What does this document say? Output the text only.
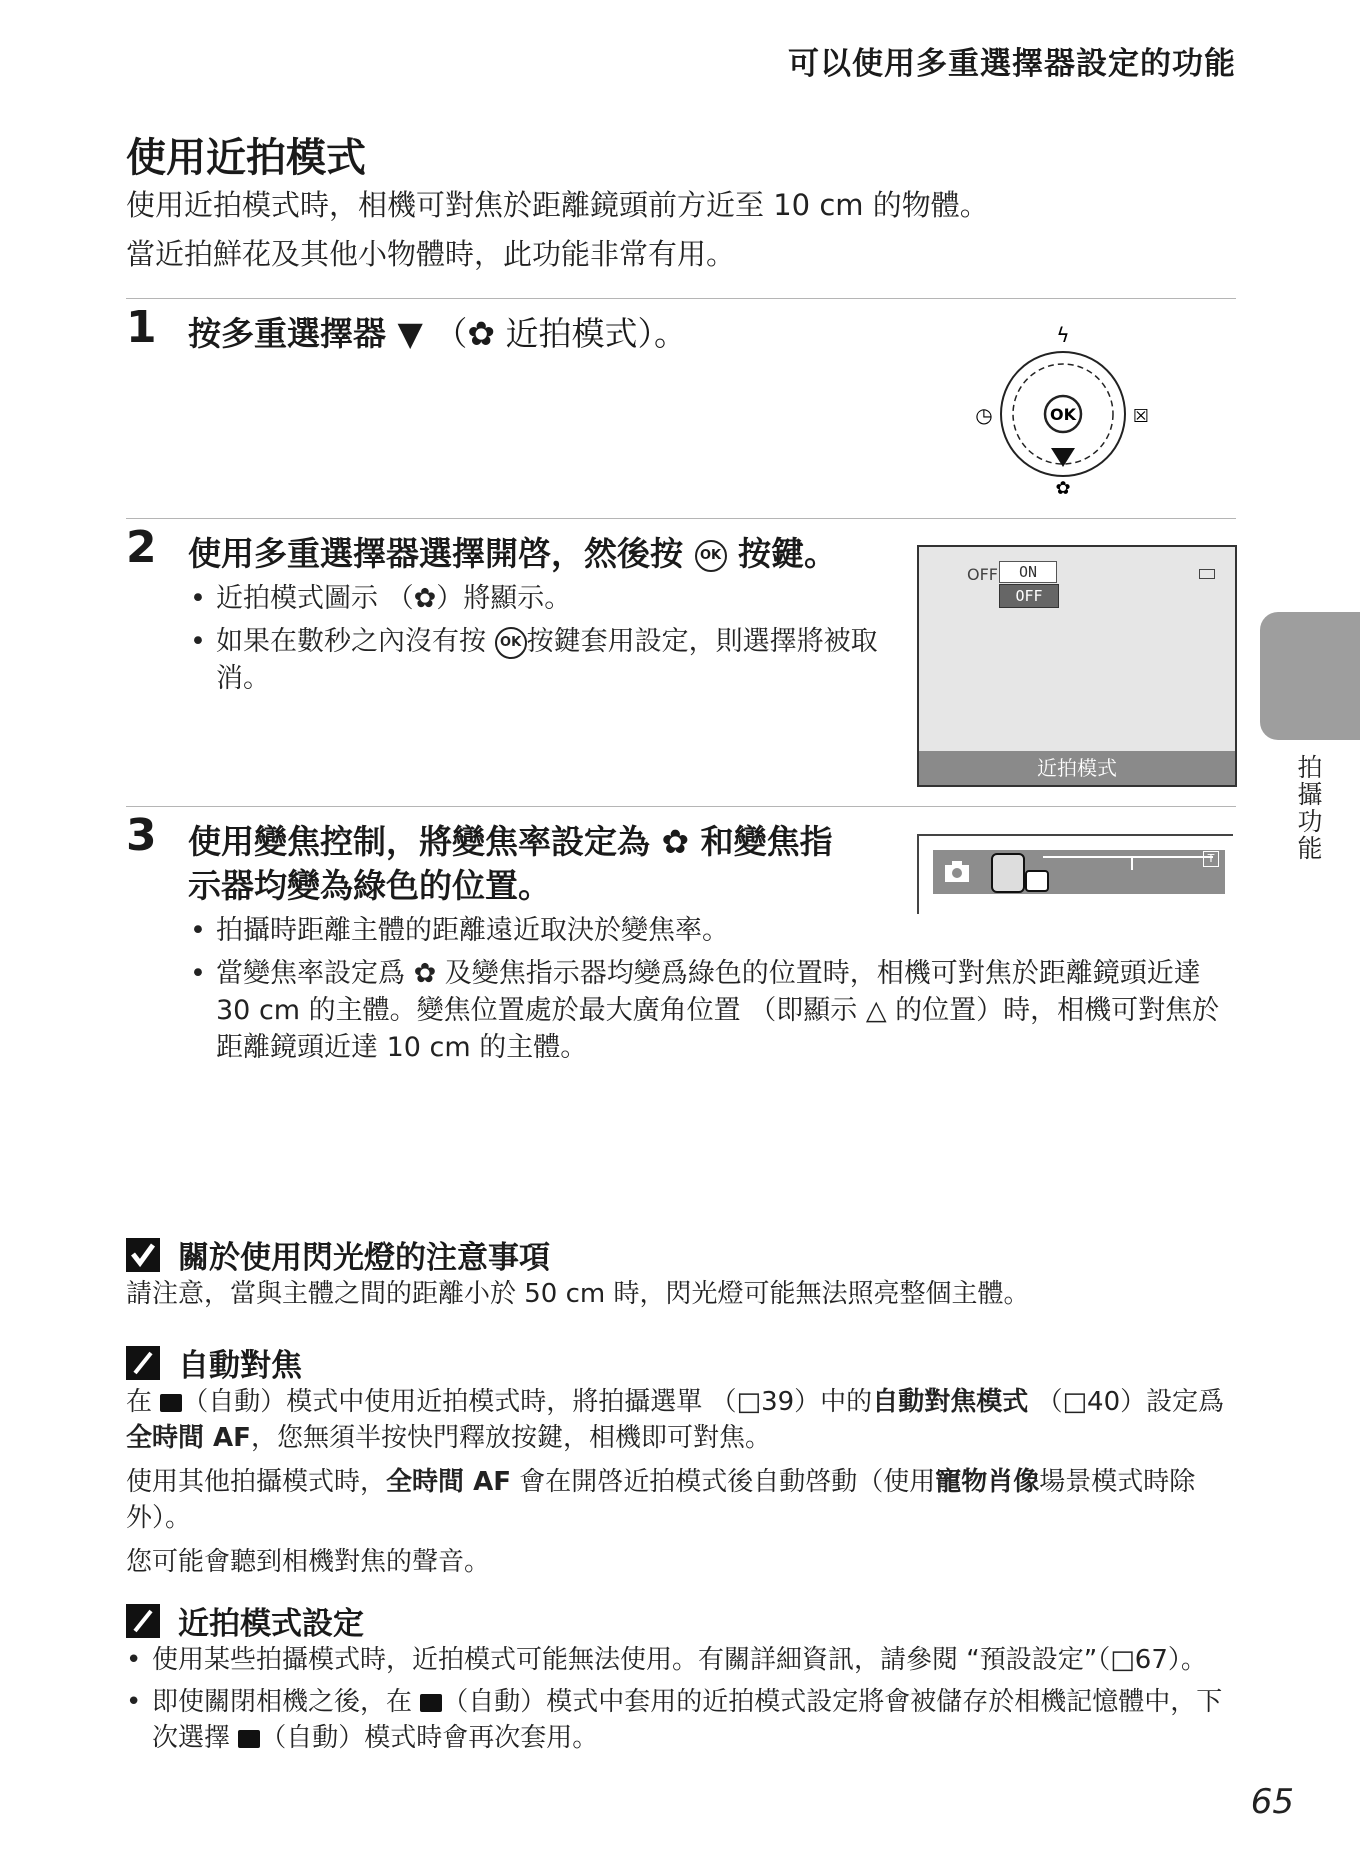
可以使用多重選擇器設定的功能
使用近拍模式
使用近拍模式時，相機可對焦於距離鏡頭前方近至 10 cm 的物體。
當近拍鮮花及其他小物體時，此功能非常有用。
1 按多重選擇器 ▼ （✿ 近拍模式）。
OK
ϟ
◷	☒
✿
2 使用多重選擇器選擇開啓，然後按 OK 按鍵。
• 近拍模式圖示 （✿）將顯示。
• 如果在數秒之內沒有按 OK 按鍵套用設定，則選擇將被取消。
OFF	ON
OFF
近拍模式
3 使用變焦控制，將變焦率設定為 ✿ 和變焦指
示器均變為綠色的位置。
• 拍攝時距離主體的距離遠近取決於變焦率。
• 當變焦率設定爲 ✿ 及變焦指示器均變爲綠色的位置時，相機可對焦於距離鏡頭近達 30 cm 的主體。變焦位置處於最大廣角位置 （即顯示 △ 的位置）時，相機可對焦於距離鏡頭近達 10 cm 的主體。
T	拍攝功能
關於使用閃光燈的注意事項

請注意，當與主體之間的距離小於 50 cm 時，閃光燈可能無法照亮整個主體。

自動對焦

在 （自動）模式中使用近拍模式時，將拍攝選單 （□39）中的自動對焦模式 （□40）設定爲全時間 AF，您無須半按快門釋放按鍵，相機即可對焦。

使用其他拍攝模式時，全時間 AF 會在開啓近拍模式後自動啓動（使用寵物肖像場景模式時除外）。

您可能會聽到相機對焦的聲音。

近拍模式設定
• 使用某些拍攝模式時，近拍模式可能無法使用。有關詳細資訊，請參閱 “預設設定”（□67）。
• 即使關閉相機之後，在 （自動）模式中套用的近拍模式設定將會被儲存於相機記憶體中，下次選擇 （自動）模式時會再次套用。
65
